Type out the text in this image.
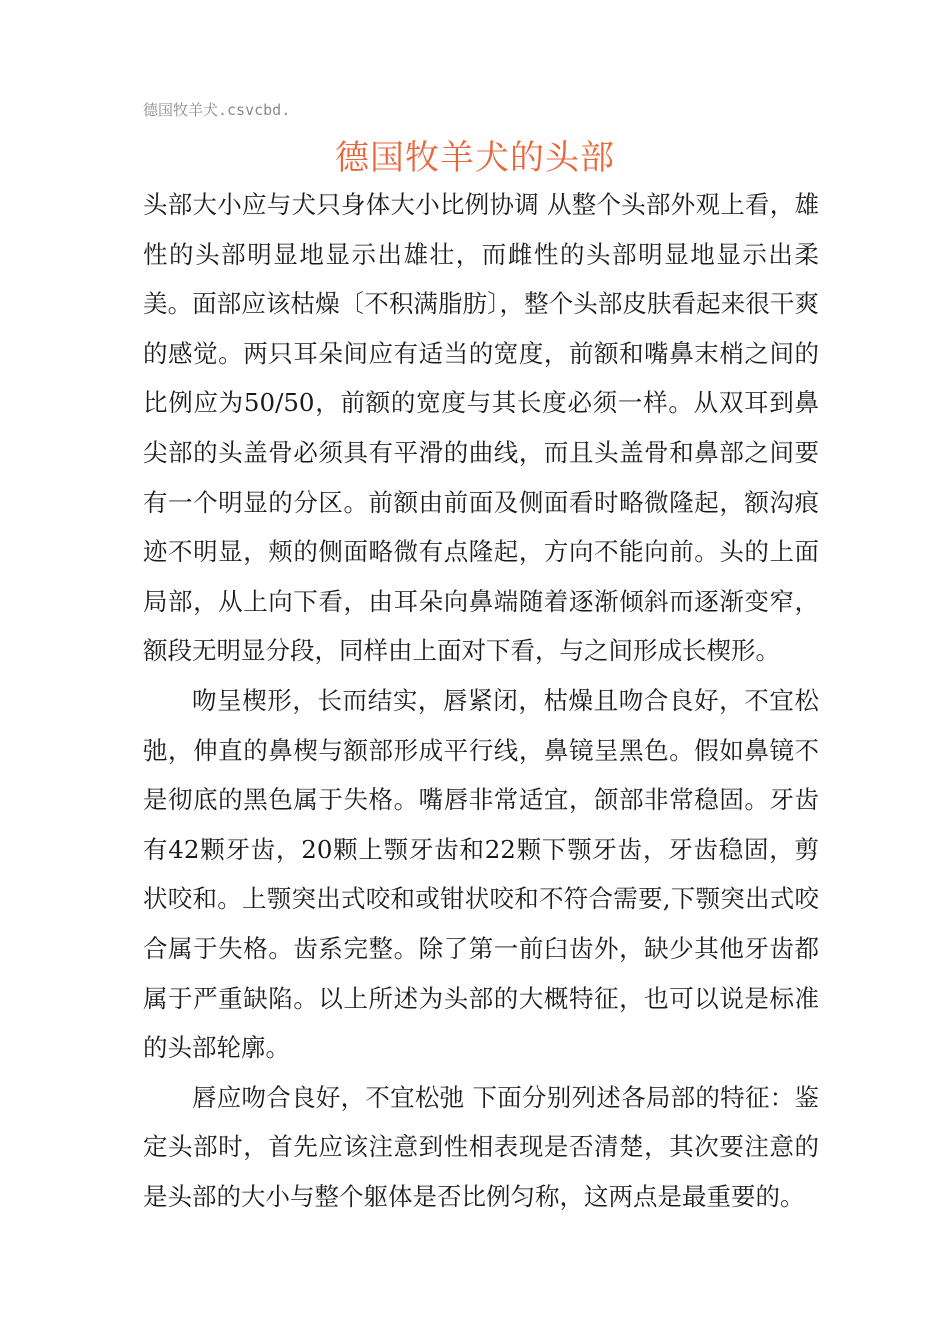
德国牧羊犬.csvcbd.
德国牧羊犬的头部

头部大小应与犬只身体大小比例协调 从整个头部外观上看，雄性的头部明显地显示出雄壮，而雌性的头部明显地显示出柔美。面部应该枯燥〔不积满脂肪〕，整个头部皮肤看起来很干爽的感觉。两只耳朵间应有适当的宽度，前额和嘴鼻末梢之间的比例应为50/50，前额的宽度与其长度必须一样。从双耳到鼻尖部的头盖骨必须具有平滑的曲线，而且头盖骨和鼻部之间要有一个明显的分区。前额由前面及侧面看时略微隆起，额沟痕迹不明显，颊的侧面略微有点隆起，方向不能向前。头的上面局部，从上向下看，由耳朵向鼻端随着逐渐倾斜而逐渐变窄，额段无明显分段，同样由上面对下看，与之间形成长楔形。

吻呈楔形，长而结实，唇紧闭，枯燥且吻合良好，不宜松弛，伸直的鼻楔与额部形成平行线，鼻镜呈黑色。假如鼻镜不是彻底的黑色属于失格。嘴唇非常适宜，颌部非常稳固。牙齿有42颗牙齿，20颗上颚牙齿和22颗下颚牙齿，牙齿稳固，剪状咬和。上颚突出式咬和或钳状咬和不符合需要,下颚突出式咬合属于失格。齿系完整。除了第一前臼齿外，缺少其他牙齿都属于严重缺陷。以上所述为头部的大概特征，也可以说是标准的头部轮廓。

唇应吻合良好，不宜松弛 下面分别列述各局部的特征：鉴定头部时，首先应该注意到性相表现是否清楚，其次要注意的是头部的大小与整个躯体是否比例匀称，这两点是最重要的。
